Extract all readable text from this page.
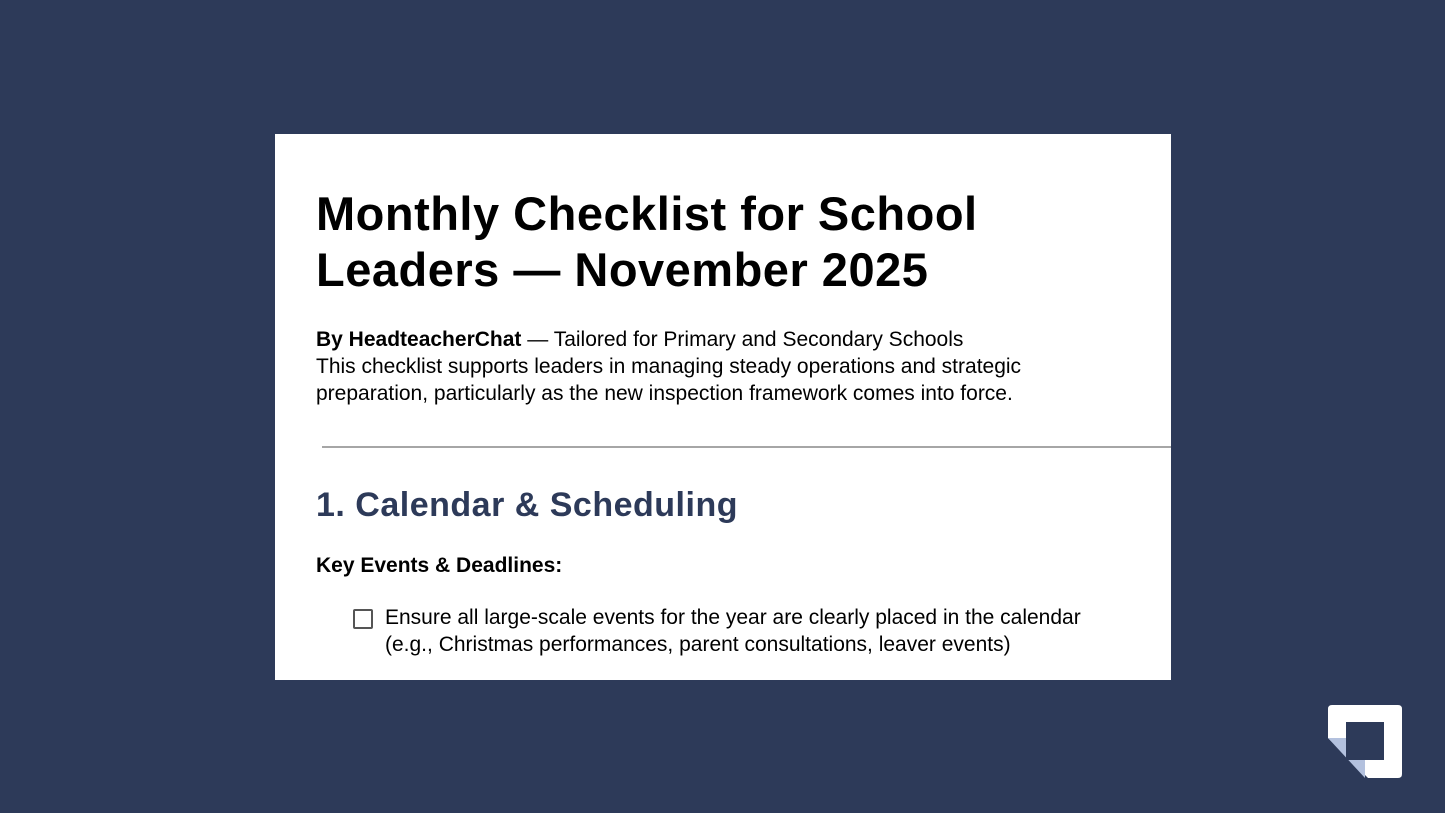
Monthly Checklist for School Leaders — November 2025
By HeadteacherChat — Tailored for Primary and Secondary Schools
This checklist supports leaders in managing steady operations and strategic preparation, particularly as the new inspection framework comes into force.
1. Calendar & Scheduling
Key Events & Deadlines:
Ensure all large-scale events for the year are clearly placed in the calendar (e.g., Christmas performances, parent consultations, leaver events)
